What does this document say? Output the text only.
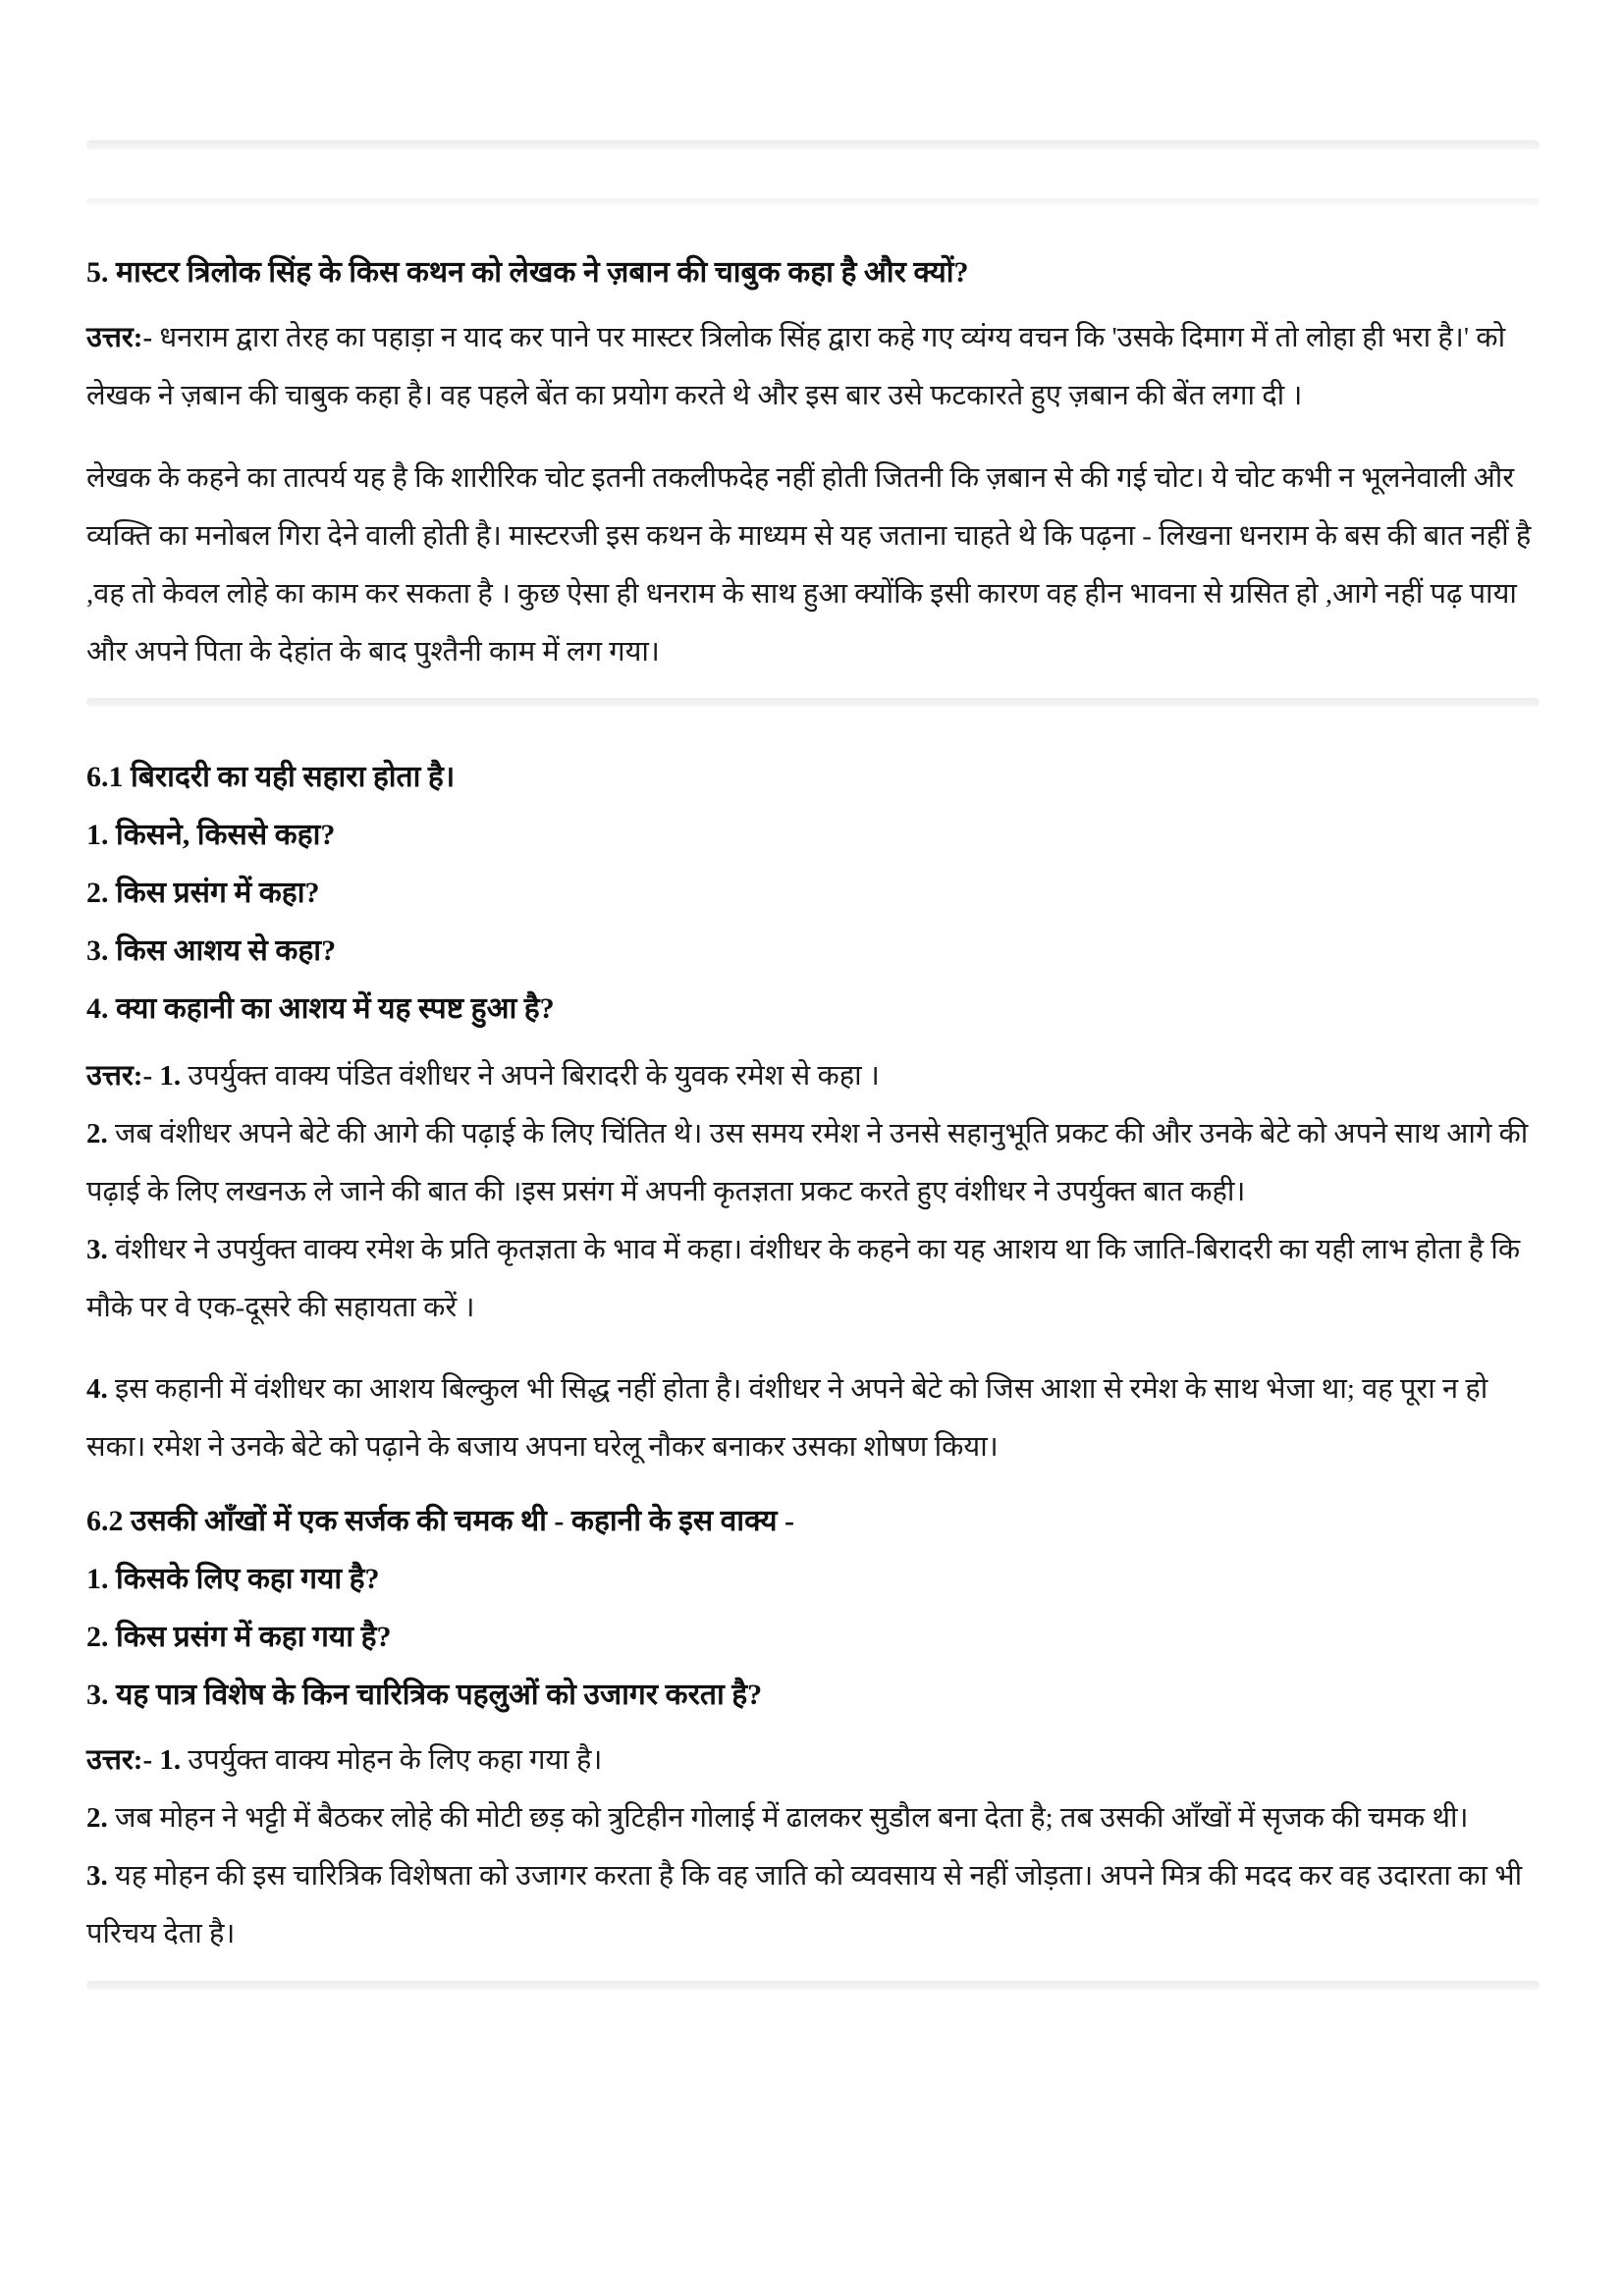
5. मास्टर त्रिलोक सिंह के किस कथन को लेखक ने ज़बान की चाबुक कहा है और क्यों?

उत्तर:- धनराम द्वारा तेरह का पहाड़ा न याद कर पाने पर मास्टर त्रिलोक सिंह द्वारा कहे गए व्यंग्य वचन कि 'उसके दिमाग में तो लोहा ही भरा है।' को लेखक ने ज़बान की चाबुक कहा है। वह पहले बेंत का प्रयोग करते थे और इस बार उसे फटकारते हुए ज़बान की बेंत लगा दी ।

लेखक के कहने का तात्पर्य यह है कि शारीरिक चोट इतनी तकलीफदेह नहीं होती जितनी कि ज़बान से की गई चोट। ये चोट कभी न भूलनेवाली और व्यक्ति का मनोबल गिरा देने वाली होती है। मास्टरजी इस कथन के माध्यम से यह जताना चाहते थे कि पढ़ना - लिखना धनराम के बस की बात नहीं है ,वह तो केवल लोहे का काम कर सकता है । कुछ ऐसा ही धनराम के साथ हुआ क्योंकि इसी कारण वह हीन भावना से ग्रसित हो ,आगे नहीं पढ़ पाया और अपने पिता के देहांत के बाद पुश्तैनी काम में लग गया।

6.1 बिरादरी का यही सहारा होता है।
1. किसने, किससे कहा?
2. किस प्रसंग में कहा?
3. किस आशय से कहा?
4. क्या कहानी का आशय में यह स्पष्ट हुआ है?

उत्तर:- 1. उपर्युक्त वाक्य पंडित वंशीधर ने अपने बिरादरी के युवक रमेश से कहा ।

2. जब वंशीधर अपने बेटे की आगे की पढ़ाई के लिए चिंतित थे। उस समय रमेश ने उनसे सहानुभूति प्रकट की और उनके बेटे को अपने साथ आगे की पढ़ाई के लिए लखनऊ ले जाने की बात की ।इस प्रसंग में अपनी कृतज्ञता प्रकट करते हुए वंशीधर ने उपर्युक्त बात कही।

3. वंशीधर ने उपर्युक्त वाक्य रमेश के प्रति कृतज्ञता के भाव में कहा। वंशीधर के कहने का यह आशय था कि जाति-बिरादरी का यही लाभ होता है कि मौके पर वे एक-दूसरे की सहायता करें ।

4. इस कहानी में वंशीधर का आशय बिल्कुल भी सिद्ध नहीं होता है। वंशीधर ने अपने बेटे को जिस आशा से रमेश के साथ भेजा था; वह पूरा न हो सका। रमेश ने उनके बेटे को पढ़ाने के बजाय अपना घरेलू नौकर बनाकर उसका शोषण किया।

6.2 उसकी आँखों में एक सर्जक की चमक थी - कहानी के इस वाक्य -
1. किसके लिए कहा गया है?
2. किस प्रसंग में कहा गया है?
3. यह पात्र विशेष के किन चारित्रिक पहलुओं को उजागर करता है?

उत्तर:- 1. उपर्युक्त वाक्य मोहन के लिए कहा गया है।

2. जब मोहन ने भट्टी में बैठकर लोहे की मोटी छड़ को त्रुटिहीन गोलाई में ढालकर सुडौल बना देता है; तब उसकी आँखों में सृजक की चमक थी।

3. यह मोहन की इस चारित्रिक विशेषता को उजागर करता है कि वह जाति को व्यवसाय से नहीं जोड़ता। अपने मित्र की मदद कर वह उदारता का भी परिचय देता है।
